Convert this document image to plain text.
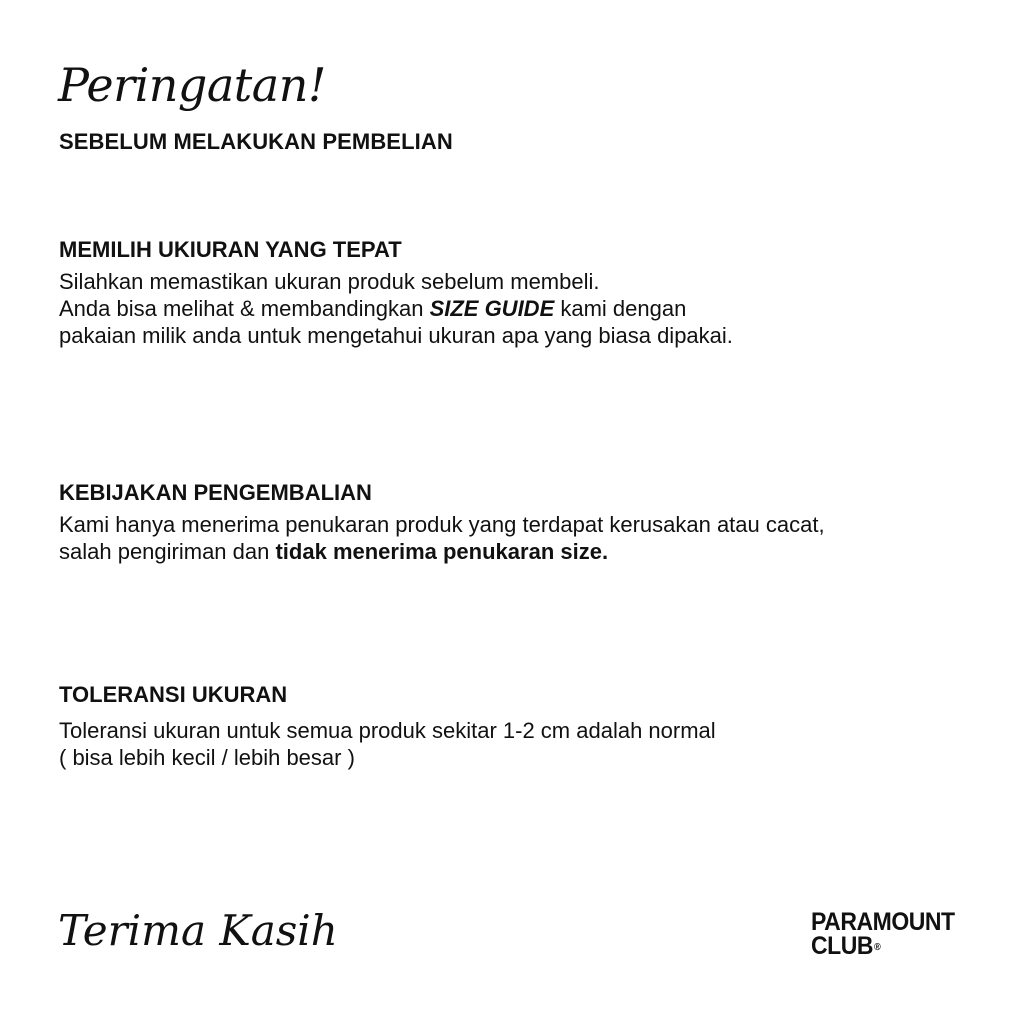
Peringatan!
SEBELUM MELAKUKAN PEMBELIAN
MEMILIH UKIURAN YANG TEPAT

Silahkan memastikan ukuran produk sebelum membeli.
Anda bisa melihat & membandingkan SIZE GUIDE kami dengan
pakaian milik anda untuk mengetahui ukuran apa yang biasa dipakai.

KEBIJAKAN PENGEMBALIAN

Kami hanya menerima penukaran produk yang terdapat kerusakan atau cacat,
salah pengiriman dan tidak menerima penukaran size.

TOLERANSI UKURAN

Toleransi ukuran untuk semua produk sekitar 1-2 cm adalah normal
( bisa lebih kecil / lebih besar )

Terima Kasih	PARAMOUNT
CLUB®
